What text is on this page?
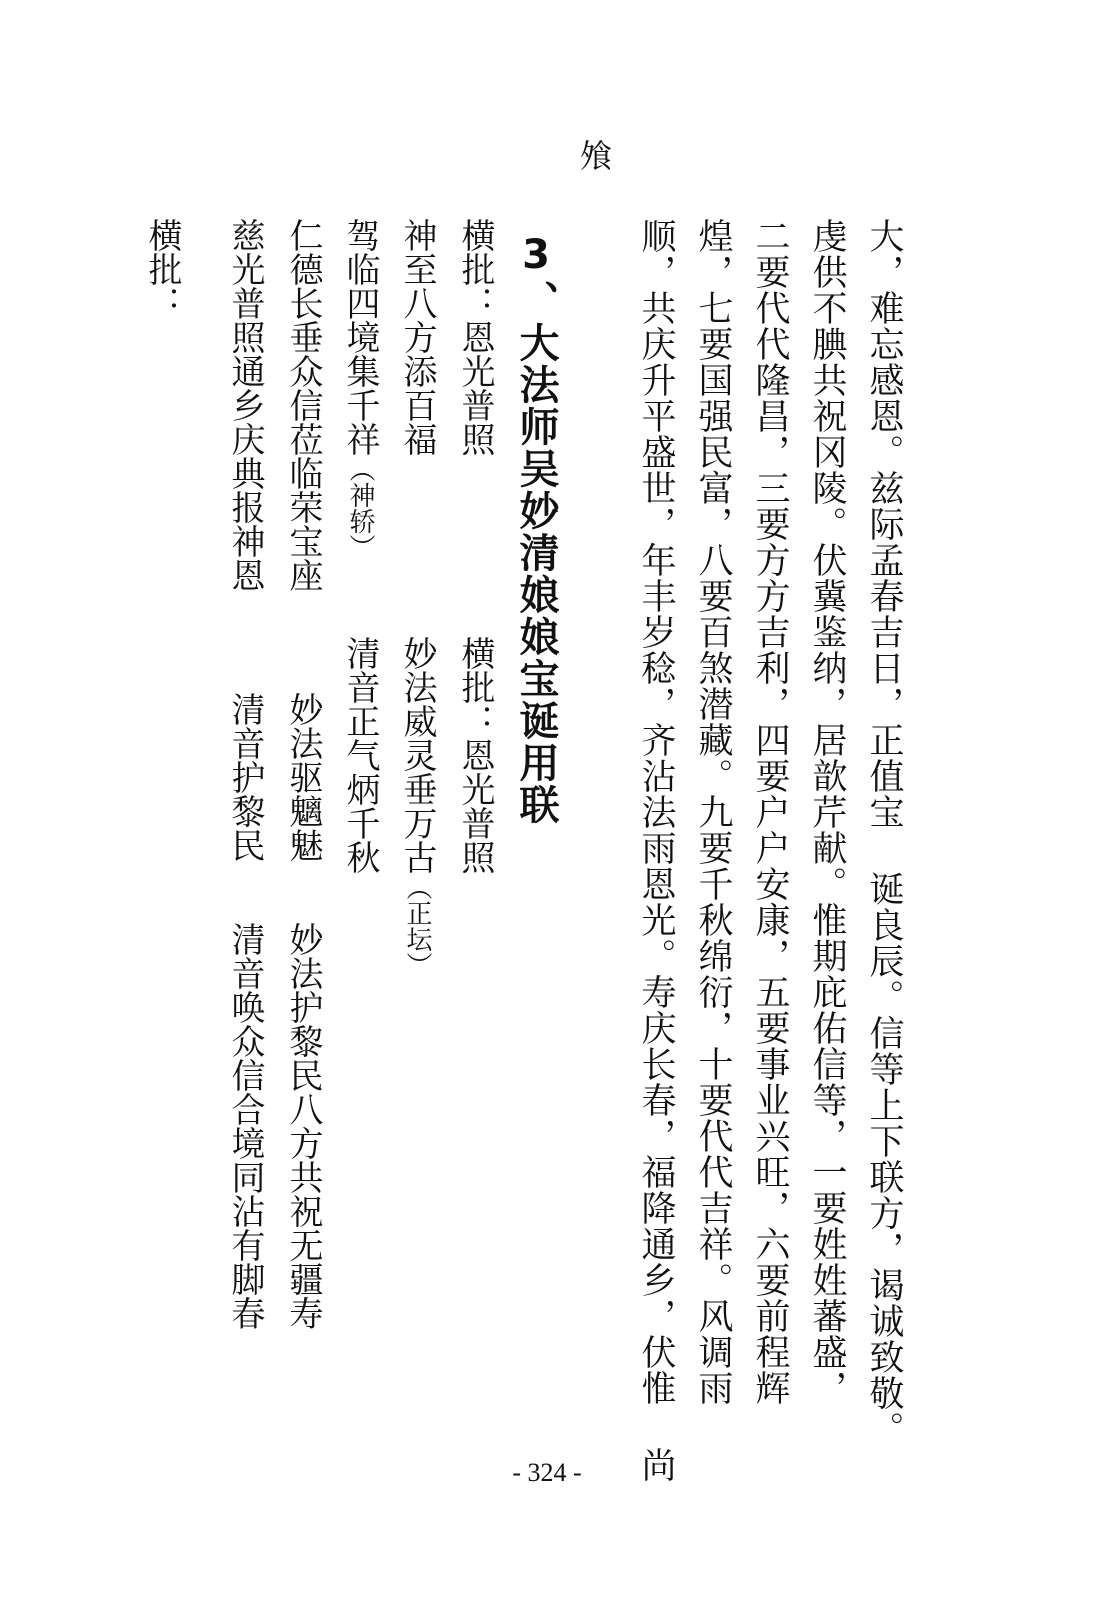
飧
大，难忘感恩。兹际孟春吉日，正值宝 诞良辰。信等上下联方，谒诚致敬。
虔供不腆共祝冈陵。伏冀鉴纳，居歆芹献。惟期庇佑信等，一要姓姓蕃盛，
二要代代隆昌，三要方方吉利，四要户户安康，五要事业兴旺，六要前程辉
煌，七要国强民富，八要百煞潜藏。九要千秋绵衍，十要代代吉祥。风调雨
顺，共庆升平盛世，年丰岁稔，齐沾法雨恩光。寿庆长春，福降通乡，伏惟 尚
3、大法师吴妙清娘娘宝诞用联
横批：恩光普照
横批：恩光普照
神至八方添百福
妙法威灵垂万古（正坛）
驾临四境集千祥（神轿）
清音正气炳千秋
仁德长垂众信莅临荣宝座
妙法驱魑魅
妙法护黎民八方共祝无疆寿
慈光普照通乡庆典报神恩
清音护黎民
清音唤众信合境同沾有脚春
横批：
- 324 -
